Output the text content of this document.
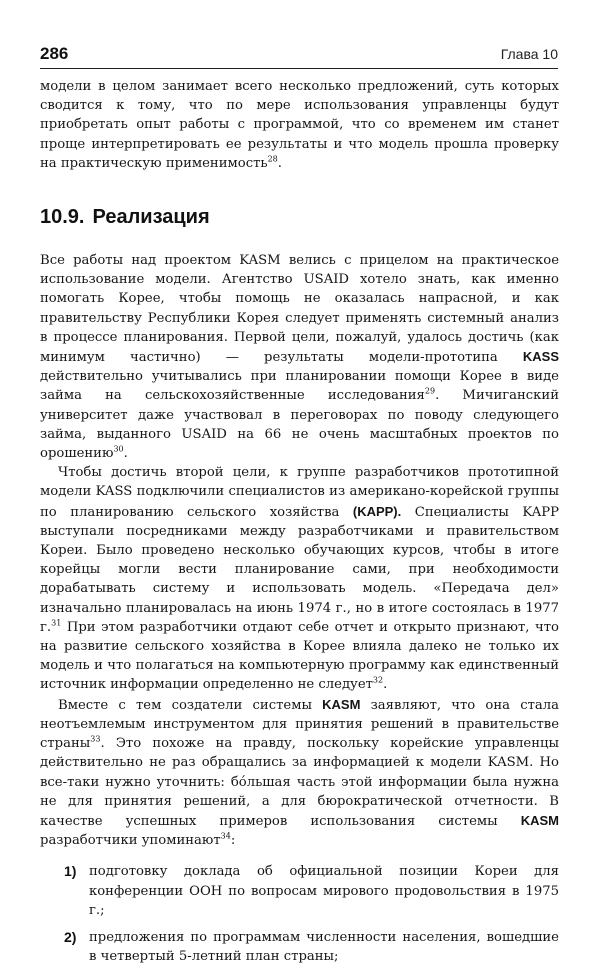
286	Глава 10

модели в целом занимает всего несколько предложений, суть которых сводится к тому, что по мере использования управленцы будут приобретать опыт работы с программой, что со временем им станет проще интерпретировать ее результаты и что модель прошла проверку на практическую применимость$^{28}$.

10.9. Реализация

Все работы над проектом KASM велись с прицелом на практическое использование модели. Агентство USAID хотело знать, как именно помогать Корее, чтобы помощь не оказалась напрасной, и как правительству Республики Корея следует применять системный анализ в процессе планирования. Первой цели, пожалуй, удалось достичь (как минимум частично) — результаты модели-прототипа KASS действительно учитывались при планировании помощи Корее в виде займа на сельскохозяйственные исследования$^{29}$. Мичиганский университет даже участвовал в переговорах по поводу следующего займа, выданного USAID на 66 не очень масштабных проектов по орошению$^{30}$.

Чтобы достичь второй цели, к группе разработчиков прототипной модели KASS подключили специалистов из американо-корейской группы по планированию сельского хозяйства (KAPP). Специалисты KAPP выступали посредниками между разработчиками и правительством Кореи. Было проведено несколько обучающих курсов, чтобы в итоге корейцы могли вести планирование сами, при необходимости дорабатывать систему и использовать модель. «Передача дел» изначально планировалась на июнь 1974 г., но в итоге состоялась в 1977 г.$^{31}$ При этом разработчики отдают себе отчет и открыто признают, что на развитие сельского хозяйства в Корее влияла далеко не только их модель и что полагаться на компьютерную программу как единственный источник информации определенно не следует$^{32}$.

Вместе с тем создатели системы KASM заявляют, что она стала неотъемлемым инструментом для принятия решений в правительстве страны$^{33}$. Это похоже на правду, поскольку корейские управленцы действительно не раз обращались за информацией к модели KASM. Но все-таки нужно уточнить: бóльшая часть этой информации была нужна не для принятия решений, а для бюрократической отчетности. В качестве успешных примеров использования системы KASM разработчики упоминают$^{34}$:

1) подготовку доклада об официальной позиции Кореи для конференции ООН по вопросам мирового продовольствия в 1975 г.;
2) предложения по программам численности населения, вошедшие в четвертый 5-летний план страны;
